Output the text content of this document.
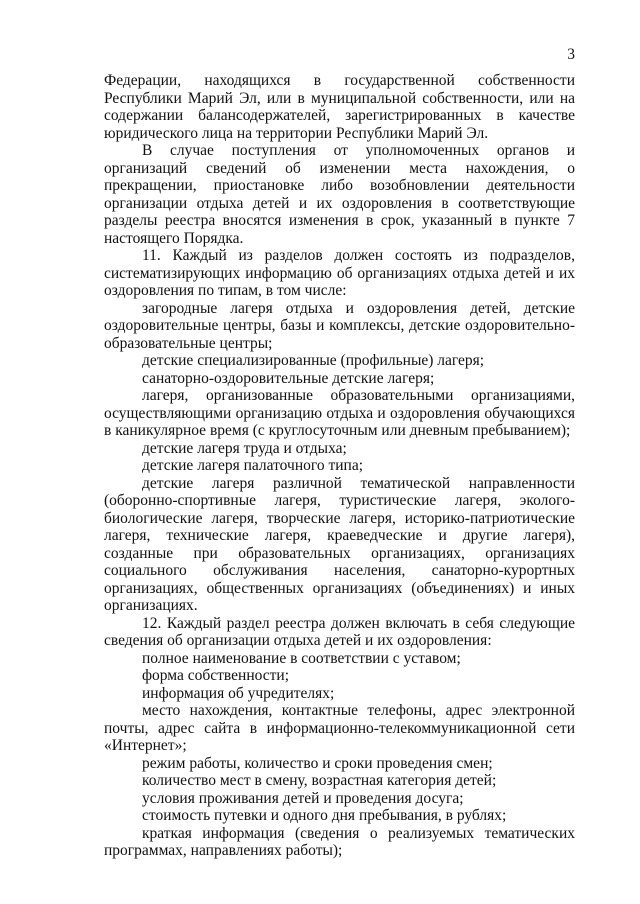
3

Федерации, находящихся в государственной собственности Республики Марий Эл, или в муниципальной собственности, или на содержании балансодержателей, зарегистрированных в качестве юридического лица на территории Республики Марий Эл.

В случае поступления от уполномоченных органов и организаций сведений об изменении места нахождения, о прекращении, приостановке либо возобновлении деятельности организации отдыха детей и их оздоровления в соответствующие разделы реестра вносятся изменения в срок, указанный в пункте 7 настоящего Порядка.

11. Каждый из разделов должен состоять из подразделов, систематизирующих информацию об организациях отдыха детей и их оздоровления по типам, в том числе:

загородные лагеря отдыха и оздоровления детей, детские оздоровительные центры, базы и комплексы, детские оздоровительно-образовательные центры;

детские специализированные (профильные) лагеря;

санаторно-оздоровительные детские лагеря;

лагеря, организованные образовательными организациями, осуществляющими организацию отдыха и оздоровления обучающихся в каникулярное время (с круглосуточным или дневным пребыванием);

детские лагеря труда и отдыха;

детские лагеря палаточного типа;

детские лагеря различной тематической направленности (оборонно-спортивные лагеря, туристические лагеря, эколого-биологические лагеря, творческие лагеря, историко-патриотические лагеря, технические лагеря, краеведческие и другие лагеря), созданные при образовательных организациях, организациях социального обслуживания населения, санаторно-курортных организациях, общественных организациях (объединениях) и иных организациях.

12. Каждый раздел реестра должен включать в себя следующие сведения об организации отдыха детей и их оздоровления:

полное наименование в соответствии с уставом;

форма собственности;

информация об учредителях;

место нахождения, контактные телефоны, адрес электронной почты, адрес сайта в информационно-телекоммуникационной сети «Интернет»;

режим работы, количество и сроки проведения смен;

количество мест в смену, возрастная категория детей;

условия проживания детей и проведения досуга;

стоимость путевки и одного дня пребывания, в рублях;

краткая информация (сведения о реализуемых тематических программах, направлениях работы);
